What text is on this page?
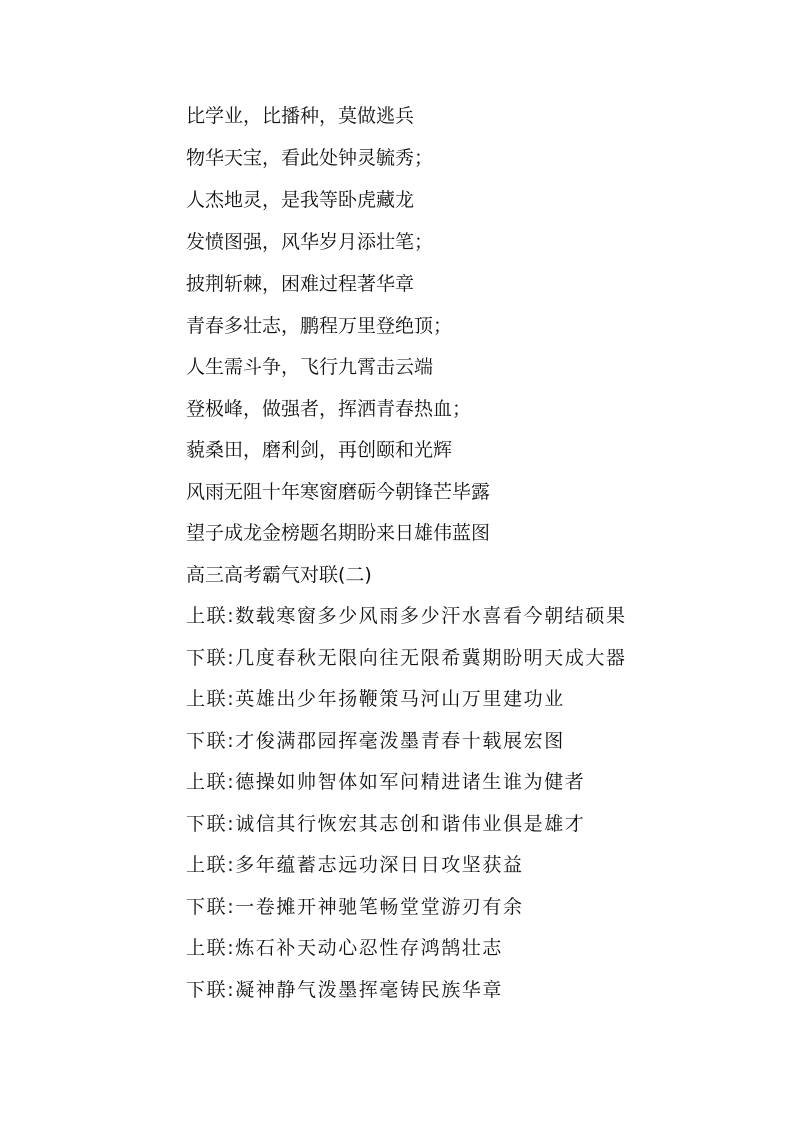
比学业，比播种，莫做逃兵
物华天宝，看此处钟灵毓秀；
人杰地灵，是我等卧虎藏龙
发愤图强，风华岁月添壮笔；
披荆斩棘，困难过程著华章
青春多壮志，鹏程万里登绝顶；
人生需斗争，飞行九霄击云端
登极峰，做强者，挥洒青春热血；
藐桑田，磨利剑，再创颐和光辉
风雨无阻十年寒窗磨砺今朝锋芒毕露
望子成龙金榜题名期盼来日雄伟蓝图
高三高考霸气对联(二)
上联:数载寒窗多少风雨多少汗水喜看今朝结硕果
下联:几度春秋无限向往无限希冀期盼明天成大器
上联:英雄出少年扬鞭策马河山万里建功业
下联:才俊满郡园挥毫泼墨青春十载展宏图
上联:德操如帅智体如军问精进诸生谁为健者
下联:诚信其行恢宏其志创和谐伟业俱是雄才
上联:多年蕴蓄志远功深日日攻坚获益
下联:一卷摊开神驰笔畅堂堂游刃有余
上联:炼石补天动心忍性存鸿鹄壮志
下联:凝神静气泼墨挥毫铸民族华章
